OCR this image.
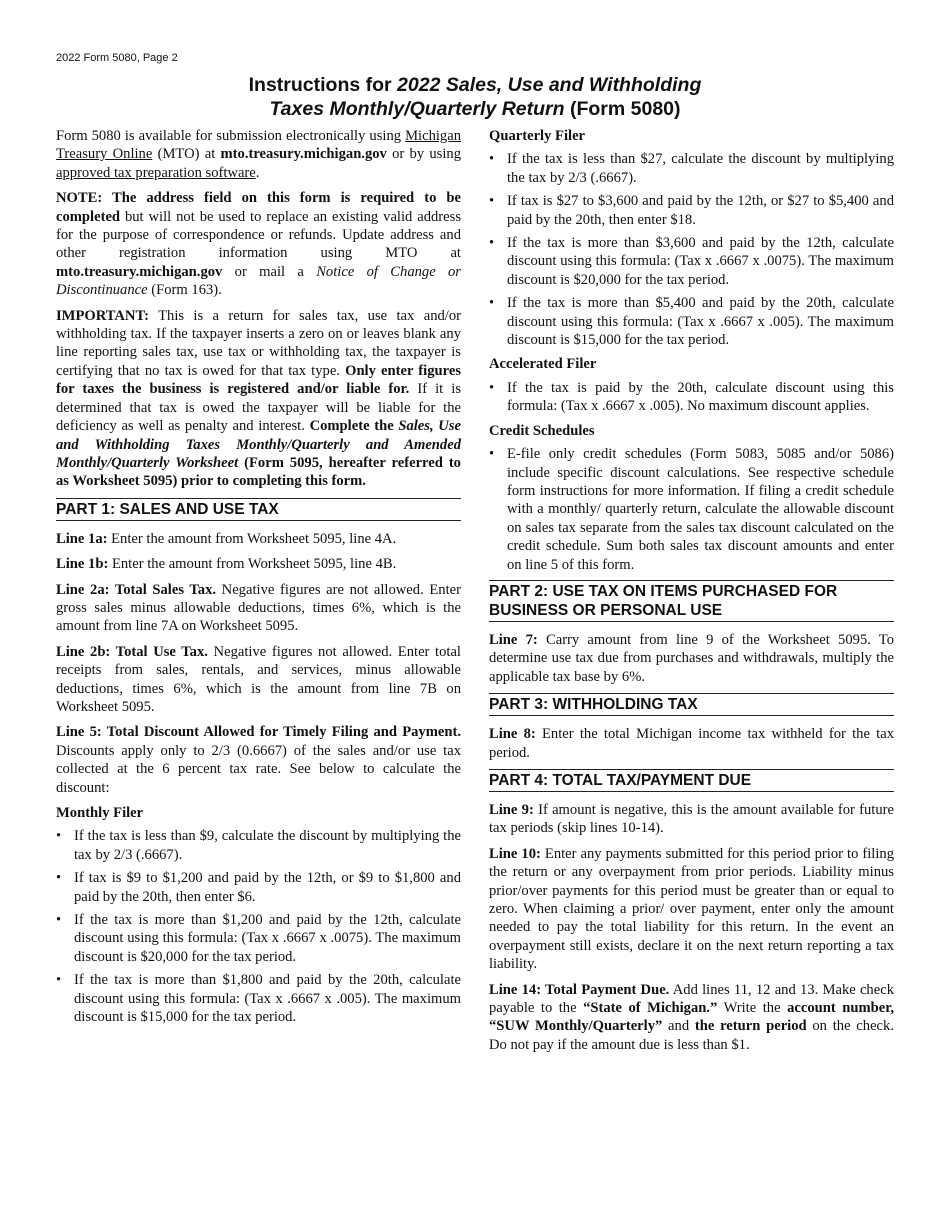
2022 Form 5080, Page 2
Instructions for 2022 Sales, Use and Withholding
Taxes Monthly/Quarterly Return (Form 5080)

Form 5080 is available for submission electronically using Michigan Treasury Online (MTO) at mto.treasury.michigan.gov or by using approved tax preparation software.

NOTE: The address field on this form is required to be completed but will not be used to replace an existing valid address for the purpose of correspondence or refunds. Update address and other registration information using MTO at mto.treasury.michigan.gov or mail a Notice of Change or Discontinuance (Form 163).

IMPORTANT: This is a return for sales tax, use tax and/or withholding tax. If the taxpayer inserts a zero on or leaves blank any line reporting sales tax, use tax or withholding tax, the taxpayer is certifying that no tax is owed for that tax type. Only enter figures for taxes the business is registered and/or liable for. If it is determined that tax is owed the taxpayer will be liable for the deficiency as well as penalty and interest. Complete the Sales, Use and Withholding Taxes Monthly/Quarterly and Amended Monthly/Quarterly Worksheet (Form 5095, hereafter referred to as Worksheet 5095) prior to completing this form.

PART 1: SALES AND USE TAX

Line 1a: Enter the amount from Worksheet 5095, line 4A.

Line 1b: Enter the amount from Worksheet 5095, line 4B.

Line 2a: Total Sales Tax. Negative figures are not allowed. Enter gross sales minus allowable deductions, times 6%, which is the amount from line 7A on Worksheet 5095.

Line 2b: Total Use Tax. Negative figures not allowed. Enter total receipts from sales, rentals, and services, minus allowable deductions, times 6%, which is the amount from line 7B on Worksheet 5095.

Line 5: Total Discount Allowed for Timely Filing and Payment. Discounts apply only to 2/3 (0.6667) of the sales and/or use tax collected at the 6 percent tax rate. See below to calculate the discount:

Monthly Filer
• If the tax is less than $9, calculate the discount by multiplying the tax by 2/3 (.6667).
• If tax is $9 to $1,200 and paid by the 12th, or $9 to $1,800 and paid by the 20th, then enter $6.
• If the tax is more than $1,200 and paid by the 12th, calculate discount using this formula: (Tax x .6667 x .0075). The maximum discount is $20,000 for the tax period.
• If the tax is more than $1,800 and paid by the 20th, calculate discount using this formula: (Tax x .6667 x .005). The maximum discount is $15,000 for the tax period.
Quarterly Filer
• If the tax is less than $27, calculate the discount by multiplying the tax by 2/3 (.6667).
• If tax is $27 to $3,600 and paid by the 12th, or $27 to $5,400 and paid by the 20th, then enter $18.
• If the tax is more than $3,600 and paid by the 12th, calculate discount using this formula: (Tax x .6667 x .0075). The maximum discount is $20,000 for the tax period.
• If the tax is more than $5,400 and paid by the 20th, calculate discount using this formula: (Tax x .6667 x .005). The maximum discount is $15,000 for the tax period.
Accelerated Filer
• If the tax is paid by the 20th, calculate discount using this formula: (Tax x .6667 x .005). No maximum discount applies.
Credit Schedules
• E-file only credit schedules (Form 5083, 5085 and/or 5086) include specific discount calculations. See respective schedule form instructions for more information. If filing a credit schedule with a monthly/ quarterly return, calculate the allowable discount on sales tax separate from the sales tax discount calculated on the credit schedule. Sum both sales tax discount amounts and enter on line 5 of this form.
PART 2: USE TAX ON ITEMS PURCHASED FOR BUSINESS OR PERSONAL USE

Line 7: Carry amount from line 9 of the Worksheet 5095. To determine use tax due from purchases and withdrawals, multiply the applicable tax base by 6%.

PART 3: WITHHOLDING TAX

Line 8: Enter the total Michigan income tax withheld for the tax period.

PART 4: TOTAL TAX/PAYMENT DUE

Line 9: If amount is negative, this is the amount available for future tax periods (skip lines 10-14).

Line 10: Enter any payments submitted for this period prior to filing the return or any overpayment from prior periods. Liability minus prior/over payments for this period must be greater than or equal to zero. When claiming a prior/ over payment, enter only the amount needed to pay the total liability for this return. In the event an overpayment still exists, declare it on the next return reporting a tax liability.

Line 14: Total Payment Due. Add lines 11, 12 and 13. Make check payable to the “State of Michigan.” Write the account number, “SUW Monthly/Quarterly” and the return period on the check. Do not pay if the amount due is less than $1.
